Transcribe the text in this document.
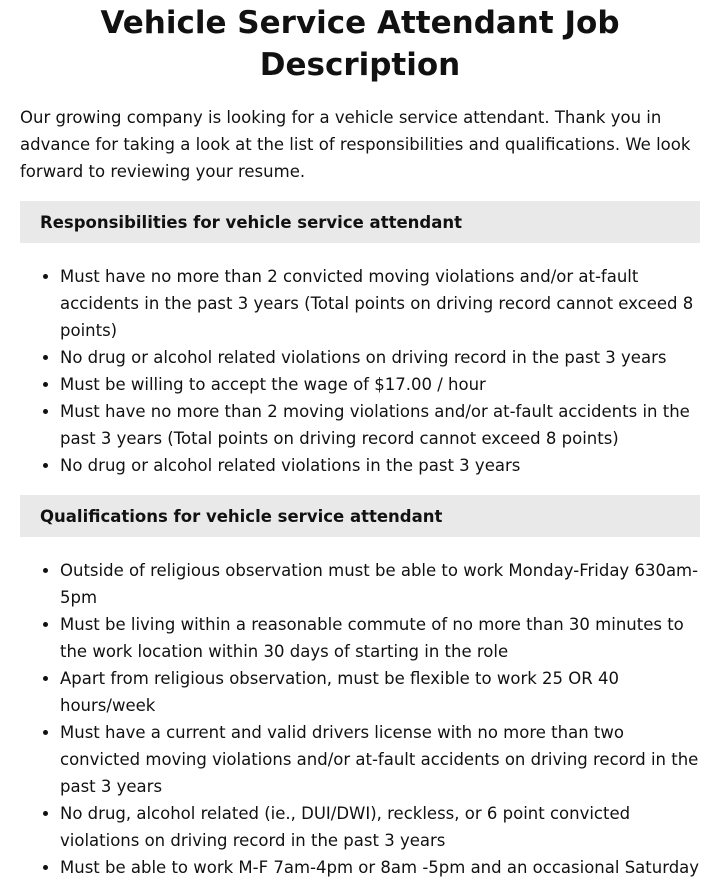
Vehicle Service Attendant Job Description

Our growing company is looking for a vehicle service attendant. Thank you in advance for taking a look at the list of responsibilities and qualifications. We look forward to reviewing your resume.

Responsibilities for vehicle service attendant
• Must have no more than 2 convicted moving violations and/or at-fault accidents in the past 3 years (Total points on driving record cannot exceed 8 points)
• No drug or alcohol related violations on driving record in the past 3 years
• Must be willing to accept the wage of $17.00 / hour
• Must have no more than 2 moving violations and/or at-fault accidents in the past 3 years (Total points on driving record cannot exceed 8 points)
• No drug or alcohol related violations in the past 3 years
Qualifications for vehicle service attendant
• Outside of religious observation must be able to work Monday-Friday 630am-5pm
• Must be living within a reasonable commute of no more than 30 minutes to the work location within 30 days of starting in the role
• Apart from religious observation, must be flexible to work 25 OR 40 hours/week
• Must have a current and valid drivers license with no more than two convicted moving violations and/or at-fault accidents on driving record in the past 3 years
• No drug, alcohol related (ie., DUI/DWI), reckless, or 6 point convicted violations on driving record in the past 3 years
• Must be able to work M-F 7am-4pm or 8am -5pm and an occasional Saturday
